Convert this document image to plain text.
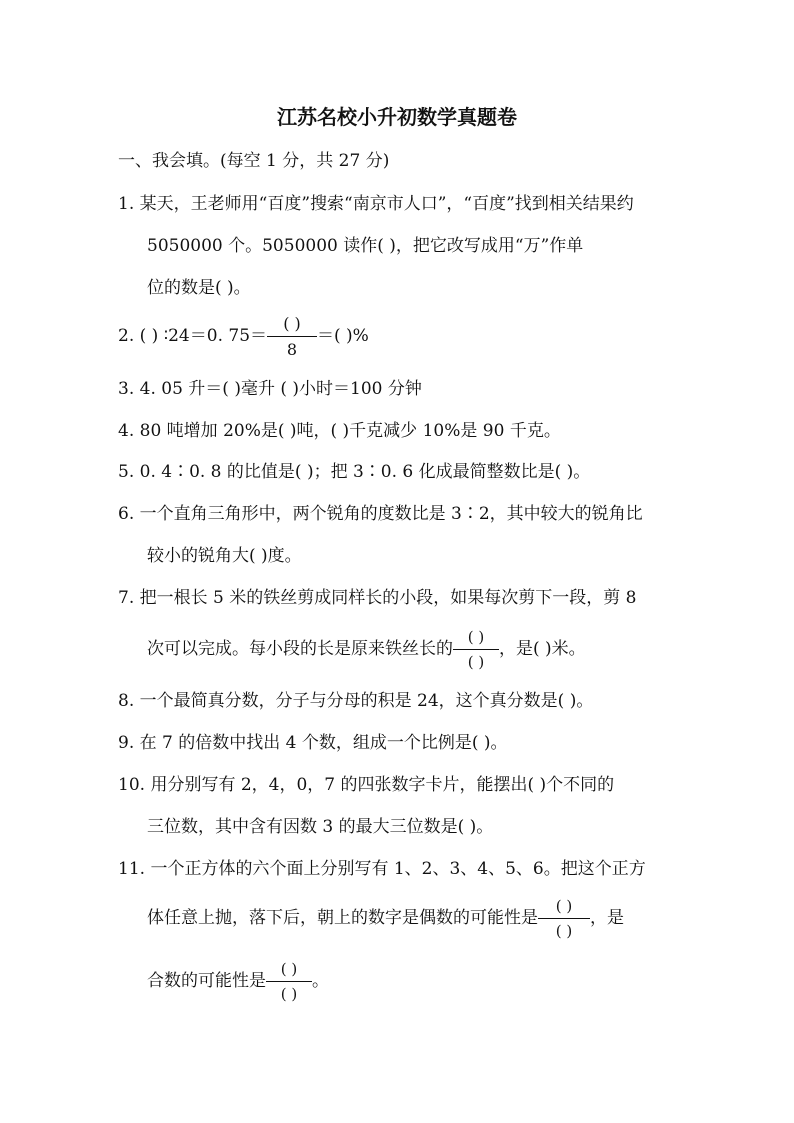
江苏名校小升初数学真题卷
一、我会填。(每空 1 分，共 27 分)
1. 某天，王老师用“百度”搜索“南京市人口”，“百度”找到相关结果约
5050000 个。5050000 读作( )，把它改写成用“万”作单
位的数是( )。
2. ( ) ∶24＝0. $75= \frac{( )}{8}$ ＝( )%
3. 4. 05 升＝( )毫升 ( )小时＝100 分钟
4. 80 吨增加 20%是( )吨，( )千克减少 10%是 90 千克。
5. 0. 4∶0. 8 的比值是( )；把 3∶0. 6 化成最简整数比是( )。
6. 一个直角三角形中，两个锐角的度数比是 3∶2，其中较大的锐角比
较小的锐角大( )度。
7. 把一根长 5 米的铁丝剪成同样长的小段，如果每次剪下一段，剪 8
次可以完成。每小段的长是原来铁丝长的 $\frac{( )}{( )}$ ，是( )米。
8. 一个最简真分数，分子与分母的积是 24，这个真分数是( )。
9. 在 7 的倍数中找出 4 个数，组成一个比例是( )。
10. 用分别写有 2，4，0，7 的四张数字卡片，能摆出( )个不同的
三位数，其中含有因数 3 的最大三位数是( )。
11. 一个正方体的六个面上分别写有 1、2、3、4、5、6。把这个正方
体任意上抛，落下后，朝上的数字是偶数的可能性是 $\frac{( )}{( )}$ ，是
合数的可能性是 $\frac{( )}{( )}$ 。
